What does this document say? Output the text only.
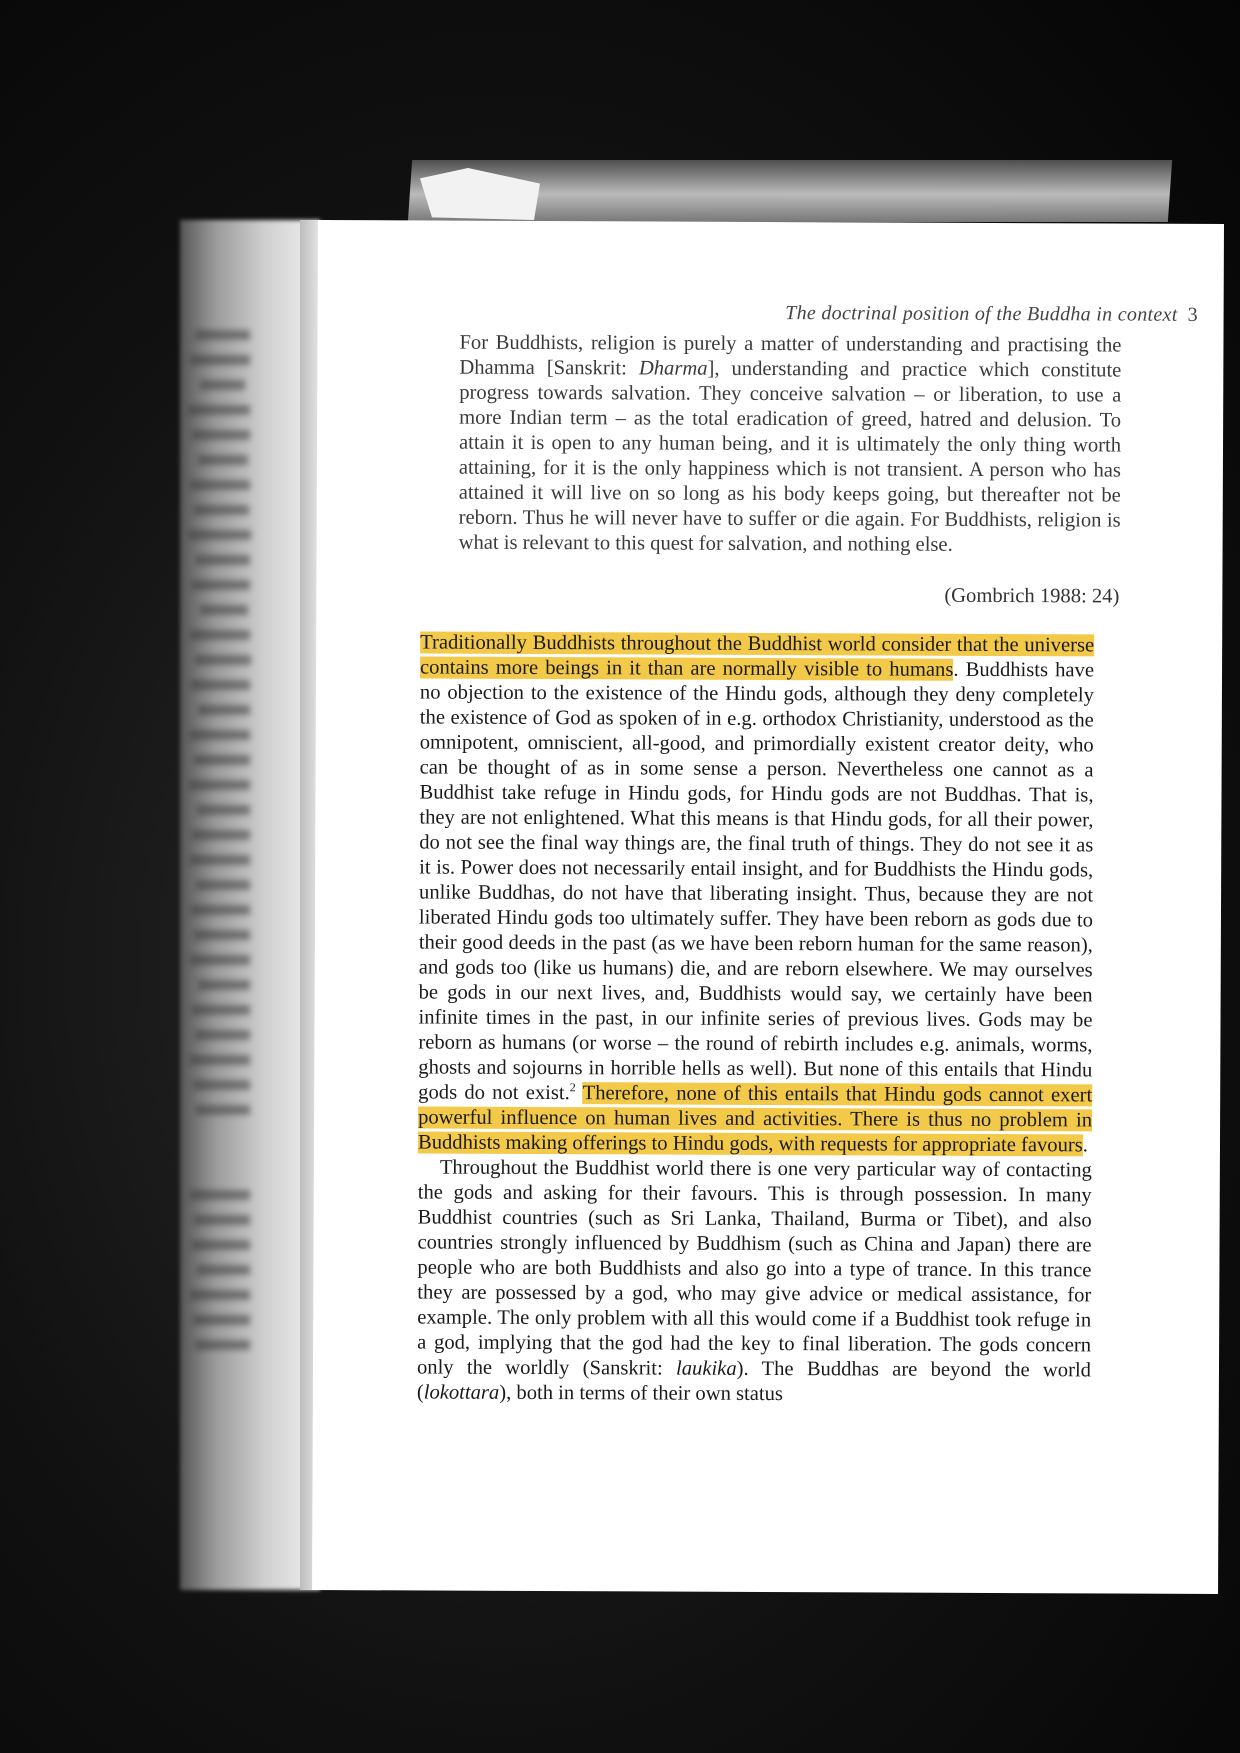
The doctrinal position of the Buddha in context 3
For Buddhists, religion is purely a matter of understanding and practising the Dhamma [Sanskrit: Dharma], understanding and practice which constitute progress towards salvation. They conceive salvation – or liberation, to use a more Indian term – as the total eradication of greed, hatred and delusion. To attain it is open to any human being, and it is ultimately the only thing worth attaining, for it is the only happiness which is not transient. A person who has attained it will live on so long as his body keeps going, but thereafter not be reborn. Thus he will never have to suffer or die again. For Buddhists, religion is what is relevant to this quest for salvation, and nothing else.
(Gombrich 1988: 24)

Traditionally Buddhists throughout the Buddhist world consider that the universe contains more beings in it than are normally visible to humans. Buddhists have no objection to the existence of the Hindu gods, although they deny completely the existence of God as spoken of in e.g. orthodox Christianity, understood as the omnipotent, omniscient, all-good, and primordially existent creator deity, who can be thought of as in some sense a person. Nevertheless one cannot as a Buddhist take refuge in Hindu gods, for Hindu gods are not Buddhas. That is, they are not enlightened. What this means is that Hindu gods, for all their power, do not see the final way things are, the final truth of things. They do not see it as it is. Power does not necessarily entail insight, and for Buddhists the Hindu gods, unlike Buddhas, do not have that liberating insight. Thus, because they are not liberated Hindu gods too ultimately suffer. They have been reborn as gods due to their good deeds in the past (as we have been reborn human for the same reason), and gods too (like us humans) die, and are reborn elsewhere. We may ourselves be gods in our next lives, and, Buddhists would say, we certainly have been infinite times in the past, in our infinite series of previous lives. Gods may be reborn as humans (or worse – the round of rebirth includes e.g. animals, worms, ghosts and sojourns in horrible hells as well). But none of this entails that Hindu gods do not exist.$^2$ Therefore, none of this entails that Hindu gods cannot exert powerful influence on human lives and activities. There is thus no problem in Buddhists making offerings to Hindu gods, with requests for appropriate favours.

Throughout the Buddhist world there is one very particular way of contacting the gods and asking for their favours. This is through possession. In many Buddhist countries (such as Sri Lanka, Thailand, Burma or Tibet), and also countries strongly influenced by Buddhism (such as China and Japan) there are people who are both Buddhists and also go into a type of trance. In this trance they are possessed by a god, who may give advice or medical assistance, for example. The only problem with all this would come if a Buddhist took refuge in a god, implying that the god had the key to final liberation. The gods concern only the worldly (Sanskrit: laukika). The Buddhas are beyond the world (lokottara), both in terms of their own status
